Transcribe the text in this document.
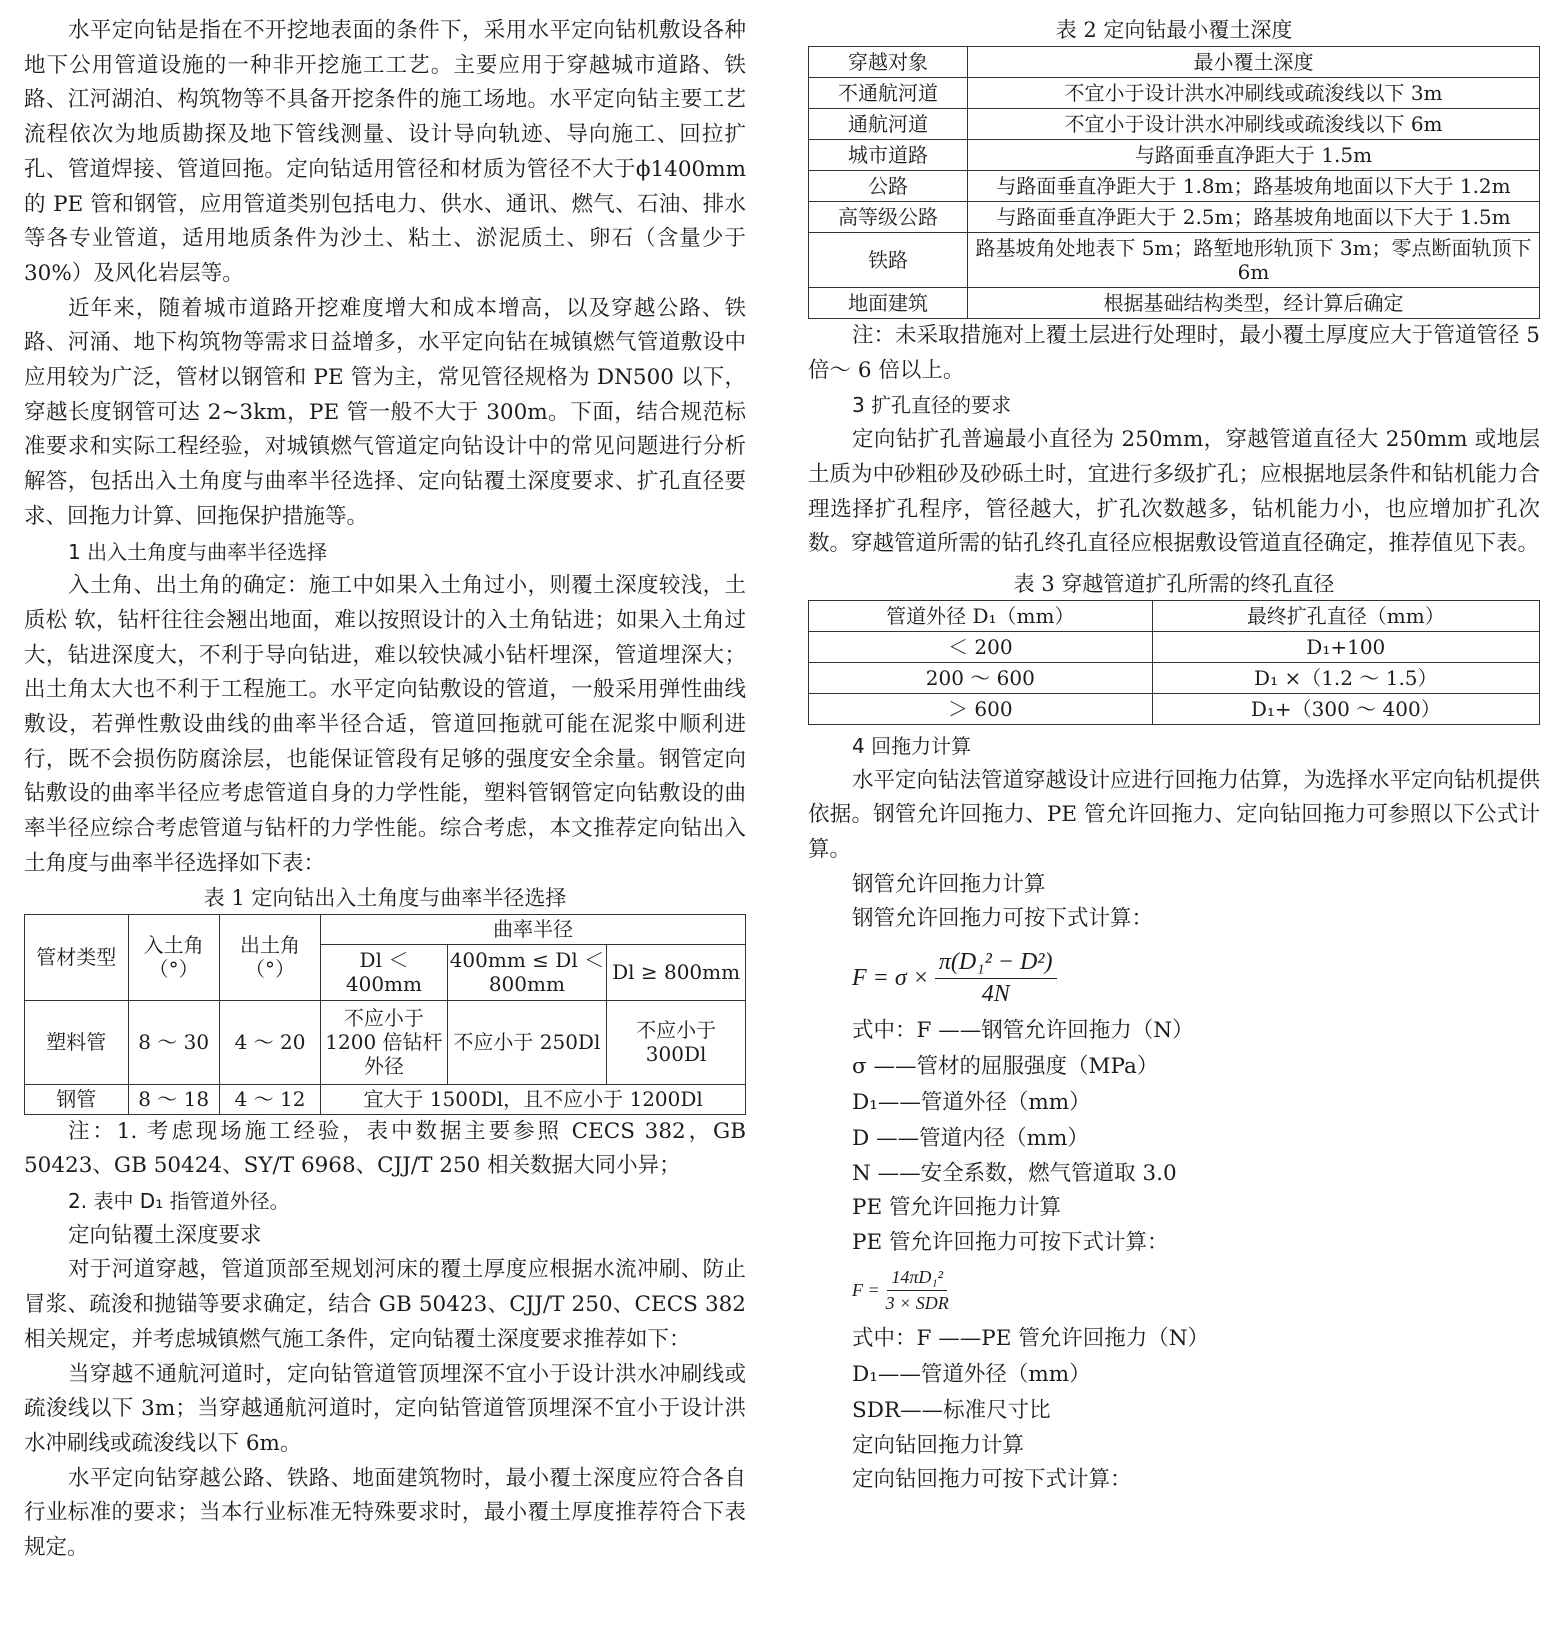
水平定向钻是指在不开挖地表面的条件下，采用水平定向钻机敷设各种地下公用管道设施的一种非开挖施工工艺。主要应用于穿越城市道路、铁路、江河湖泊、构筑物等不具备开挖条件的施工场地。水平定向钻主要工艺流程依次为地质勘探及地下管线测量、设计导向轨迹、导向施工、回拉扩孔、管道焊接、管道回拖。定向钻适用管径和材质为管径不大于ϕ1400mm 的 PE 管和钢管，应用管道类别包括电力、供水、通讯、燃气、石油、排水等各专业管道，适用地质条件为沙土、粘土、淤泥质土、卵石（含量少于 30%）及风化岩层等。

近年来，随着城市道路开挖难度增大和成本增高，以及穿越公路、铁路、河涌、地下构筑物等需求日益增多，水平定向钻在城镇燃气管道敷设中应用较为广泛，管材以钢管和 PE 管为主，常见管径规格为 DN500 以下，穿越长度钢管可达 2~3km，PE 管一般不大于 300m。下面，结合规范标准要求和实际工程经验，对城镇燃气管道定向钻设计中的常见问题进行分析解答，包括出入土角度与曲率半径选择、定向钻覆土深度要求、扩孔直径要求、回拖力计算、回拖保护措施等。

1 出入土角度与曲率半径选择

入土角、出土角的确定：施工中如果入土角过小，则覆土深度较浅，土质松 软，钻杆往往会翘出地面，难以按照设计的入土角钻进；如果入土角过大，钻进深度大，不利于导向钻进，难以较快减小钻杆埋深，管道埋深大；出土角太大也不利于工程施工。水平定向钻敷设的管道，一般采用弹性曲线敷设，若弹性敷设曲线的曲率半径合适，管道回拖就可能在泥浆中顺利进行，既不会损伤防腐涂层，也能保证管段有足够的强度安全余量。钢管定向钻敷设的曲率半径应考虑管道自身的力学性能，塑料管钢管定向钻敷设的曲率半径应综合考虑管道与钻杆的力学性能。综合考虑，本文推荐定向钻出入土角度与曲率半径选择如下表：

表 1 定向钻出入土角度与曲率半径选择
管材类型	入土角（°）	出土角（°）	曲率半径		
			Dl ＜ 400mm	400mm ≤ Dl ＜ 800mm	Dl ≥ 800mm
塑料管	8 ～ 30	4 ～ 20	不应小于 1200 倍钻杆外径	不应小于 250Dl	不应小于 300Dl
钢管	8 ～ 18	4 ～ 12	宜大于 1500Dl，且不应小于 1200Dl		

注：1. 考虑现场施工经验，表中数据主要参照 CECS 382，GB 50423、GB 50424、SY/T 6968、CJJ/T 250 相关数据大同小异；

2. 表中 D₁ 指管道外径。
定向钻覆土深度要求

对于河道穿越，管道顶部至规划河床的覆土厚度应根据水流冲刷、防止冒浆、疏浚和抛锚等要求确定，结合 GB 50423、CJJ/T 250、CECS 382 相关规定，并考虑城镇燃气施工条件，定向钻覆土深度要求推荐如下：

当穿越不通航河道时，定向钻管道管顶埋深不宜小于设计洪水冲刷线或疏浚线以下 3m；当穿越通航河道时，定向钻管道管顶埋深不宜小于设计洪水冲刷线或疏浚线以下 6m。

水平定向钻穿越公路、铁路、地面建筑物时，最小覆土深度应符合各自行业标准的要求；当本行业标准无特殊要求时，最小覆土厚度推荐符合下表规定。

表 2 定向钻最小覆土深度
穿越对象	最小覆土深度
不通航河道	不宜小于设计洪水冲刷线或疏浚线以下 3m
通航河道	不宜小于设计洪水冲刷线或疏浚线以下 6m
城市道路	与路面垂直净距大于 1.5m
公路	与路面垂直净距大于 1.8m；路基坡角地面以下大于 1.2m
高等级公路	与路面垂直净距大于 2.5m；路基坡角地面以下大于 1.5m
铁路	路基坡角处地表下 5m；路堑地形轨顶下 3m；零点断面轨顶下 6m
地面建筑	根据基础结构类型，经计算后确定

注：未采取措施对上覆土层进行处理时，最小覆土厚度应大于管道管径 5 倍～ 6 倍以上。

3 扩孔直径的要求

定向钻扩孔普遍最小直径为 250mm，穿越管道直径大 250mm 或地层土质为中砂粗砂及砂砾土时，宜进行多级扩孔；应根据地层条件和钻机能力合理选择扩孔程序，管径越大，扩孔次数越多，钻机能力小，也应增加扩孔次数。穿越管道所需的钻孔终孔直径应根据敷设管道直径确定，推荐值见下表。

表 3 穿越管道扩孔所需的终孔直径
管道外径 D₁（mm）	最终扩孔直径（mm）
＜ 200	D₁+100
200 ～ 600	D₁ ×（1.2 ～ 1.5）
＞ 600	D₁+（300 ～ 400）
4 回拖力计算

水平定向钻法管道穿越设计应进行回拖力估算，为选择水平定向钻机提供依据。钢管允许回拖力、PE 管允许回拖力、定向钻回拖力可参照以下公式计算。

钢管允许回拖力计算
钢管允许回拖力可按下式计算：
$F = \sigma \times \frac{\text{π(D₁² − D²)}}{4N}$
式中：F ——钢管允许回拖力（N）
σ ——管材的屈服强度（MPa）
D₁——管道外径（mm）
D ——管道内径（mm）
N ——安全系数，燃气管道取 3.0
PE 管允许回拖力计算
PE 管允许回拖力可按下式计算：
$F = \frac{\text{14πD₁²}}{\text{3 × SDR}}$
式中：F ——PE 管允许回拖力（N）
D₁——管道外径（mm）
SDR——标准尺寸比
定向钻回拖力计算
定向钻回拖力可按下式计算：
